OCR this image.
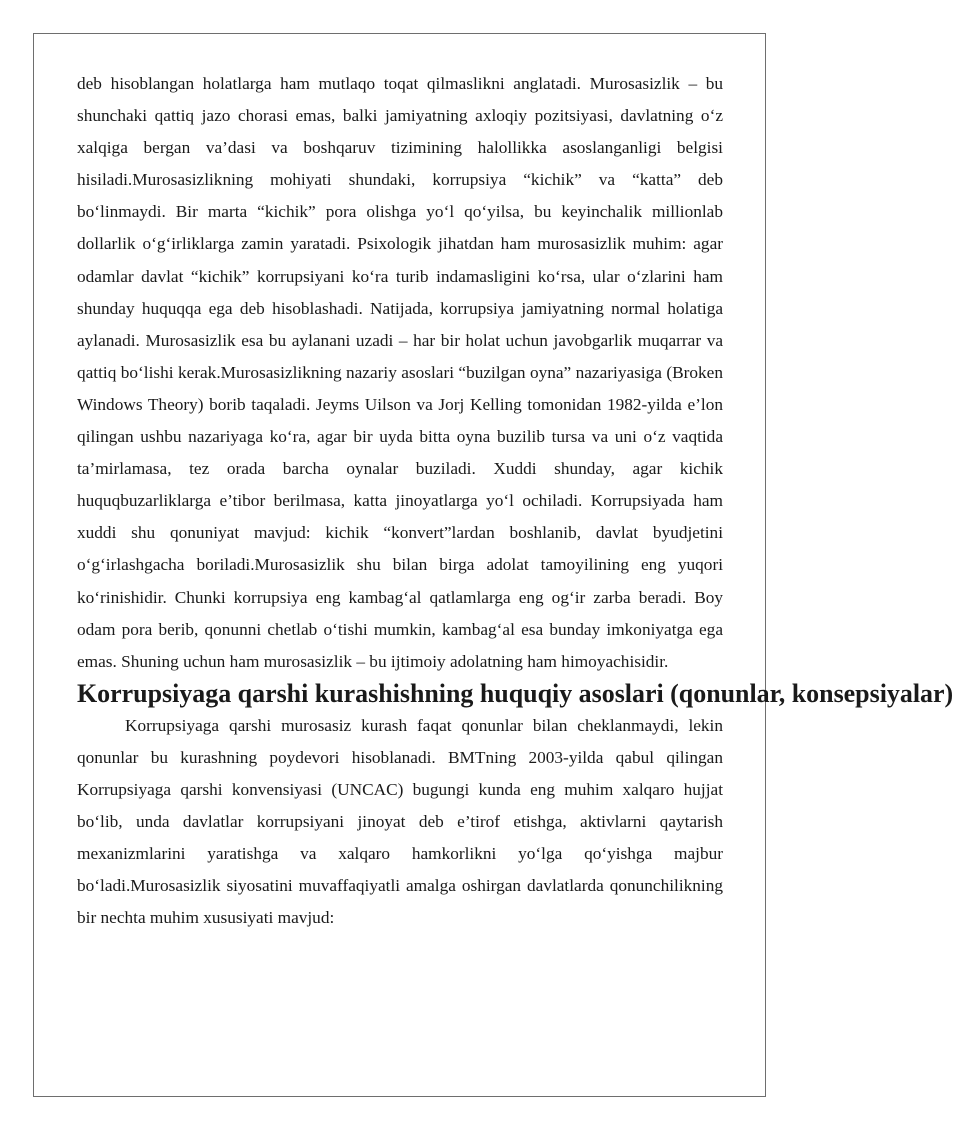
deb hisoblangan holatlarga ham mutlaqo toqat qilmaslikni anglatadi. Murosasizlik – bu shunchaki qattiq jazo chorasi emas, balki jamiyatning axloqiy pozitsiyasi, davlatning o‘z xalqiga bergan va’dasi va boshqaruv tizimining halollikka asoslanganligi belgisi hisiladi.Murosasizlikning mohiyati shundaki, korrupsiya “kichik” va “katta” deb bo‘linmaydi. Bir marta “kichik” pora olishga yo‘l qo‘yilsa, bu keyinchalik millionlab dollarlik o‘g‘irliklarga zamin yaratadi. Psixologik jihatdan ham murosasizlik muhim: agar odamlar davlat “kichik” korrupsiyani ko‘ra turib indamasligini ko‘rsa, ular o‘zlarini ham shunday huquqqa ega deb hisoblashadi. Natijada, korrupsiya jamiyatning normal holatiga aylanadi. Murosasizlik esa bu aylanani uzadi – har bir holat uchun javobgarlik muqarrar va qattiq bo‘lishi kerak.Murosasizlikning nazariy asoslari “buzilgan oyna” nazariyasiga (Broken Windows Theory) borib taqaladi. Jeyms Uilson va Jorj Kelling tomonidan 1982-yilda e’lon qilingan ushbu nazariyaga ko‘ra, agar bir uyda bitta oyna buzilib tursa va uni o‘z vaqtida ta’mirlamasa, tez orada barcha oynalar buziladi. Xuddi shunday, agar kichik huquqbuzarliklarga e’tibor berilmasa, katta jinoyatlarga yo‘l ochiladi. Korrupsiyada ham xuddi shu qonuniyat mavjud: kichik “konvert”lardan boshlanib, davlat byudjetini o‘g‘irlashgacha boriladi.Murosasizlik shu bilan birga adolat tamoyilining eng yuqori ko‘rinishidir. Chunki korrupsiya eng kambag‘al qatlamlarga eng og‘ir zarba beradi. Boy odam pora berib, qonunni chetlab o‘tishi mumkin, kambag‘al esa bunday imkoniyatga ega emas. Shuning uchun ham murosasizlik – bu ijtimoiy adolatning ham himoyachisidir.

Korrupsiyaga qarshi kurashishning huquqiy asoslari (qonunlar, konsepsiyalar)

Korrupsiyaga qarshi murosasiz kurash faqat qonunlar bilan cheklanmaydi, lekin qonunlar bu kurashning poydevori hisoblanadi. BMTning 2003-yilda qabul qilingan Korrupsiyaga qarshi konvensiyasi (UNCAC) bugungi kunda eng muhim xalqaro hujjat bo‘lib, unda davlatlar korrupsiyani jinoyat deb e’tirof etishga, aktivlarni qaytarish mexanizmlarini yaratishga va xalqaro hamkorlikni yo‘lga qo‘yishga majbur bo‘ladi.Murosasizlik siyosatini muvaffaqiyatli amalga oshirgan davlatlarda qonunchilikning bir nechta muhim xususiyati mavjud:
